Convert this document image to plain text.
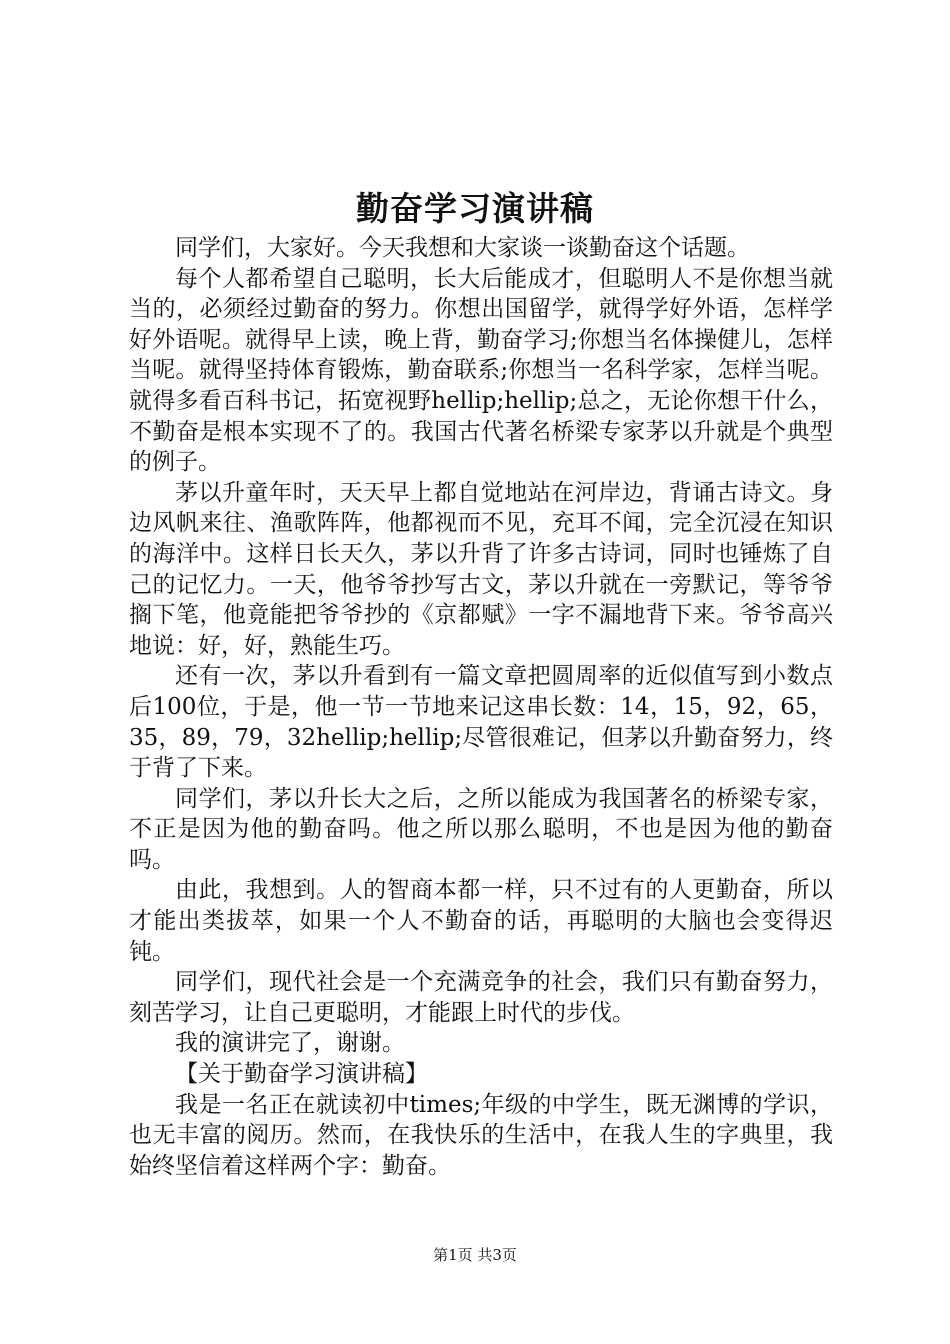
勤奋学习演讲稿

同学们，大家好。今天我想和大家谈一谈勤奋这个话题。

每个人都希望自己聪明，长大后能成才，但聪明人不是你想当就当的，必须经过勤奋的努力。你想出国留学，就得学好外语，怎样学好外语呢。就得早上读，晚上背，勤奋学习;你想当名体操健儿，怎样当呢。就得坚持体育锻炼，勤奋联系;你想当一名科学家，怎样当呢。就得多看百科书记，拓宽视野hellip;hellip;总之，无论你想干什么，不勤奋是根本实现不了的。我国古代著名桥梁专家茅以升就是个典型的例子。

茅以升童年时，天天早上都自觉地站在河岸边，背诵古诗文。身边风帆来往、渔歌阵阵，他都视而不见，充耳不闻，完全沉浸在知识的海洋中。这样日长天久，茅以升背了许多古诗词，同时也锤炼了自己的记忆力。一天，他爷爷抄写古文，茅以升就在一旁默记，等爷爷搁下笔，他竟能把爷爷抄的《京都赋》一字不漏地背下来。爷爷高兴地说：好，好，熟能生巧。

还有一次，茅以升看到有一篇文章把圆周率的近似值写到小数点后100位，于是，他一节一节地来记这串长数：14，15，92，65，35，89，79，32hellip;hellip;尽管很难记，但茅以升勤奋努力，终于背了下来。

同学们，茅以升长大之后，之所以能成为我国著名的桥梁专家，不正是因为他的勤奋吗。他之所以那么聪明，不也是因为他的勤奋吗。

由此，我想到。人的智商本都一样，只不过有的人更勤奋，所以才能出类拔萃，如果一个人不勤奋的话，再聪明的大脑也会变得迟钝。

同学们，现代社会是一个充满竞争的社会，我们只有勤奋努力，刻苦学习，让自己更聪明，才能跟上时代的步伐。

我的演讲完了，谢谢。

【关于勤奋学习演讲稿】

我是一名正在就读初中times;年级的中学生，既无渊博的学识，也无丰富的阅历。然而，在我快乐的生活中，在我人生的字典里，我始终坚信着这样两个字：勤奋。

第1页 共3页
